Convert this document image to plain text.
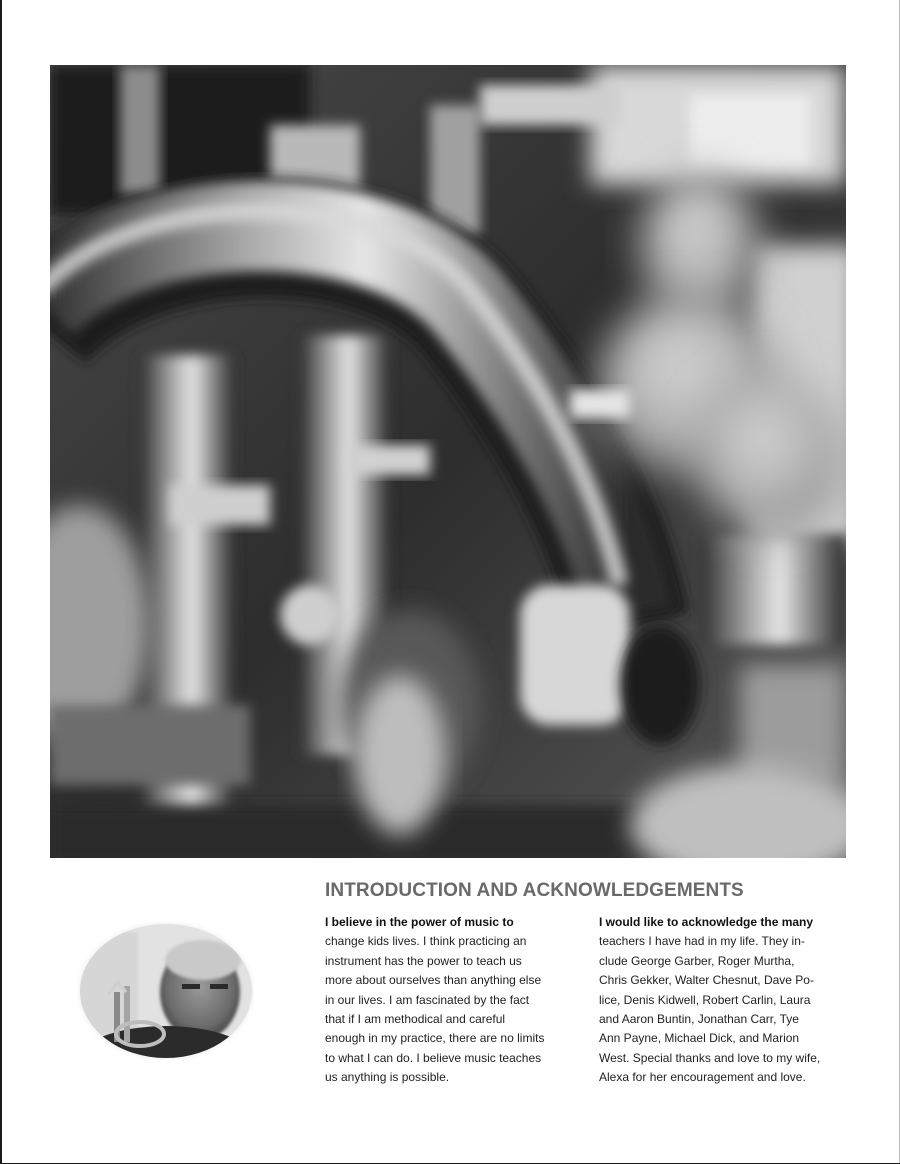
INTRODUCTION AND ACKNOWLEDGEMENTS

I believe in the power of music to
change kids lives. I think practicing an
instrument has the power to teach us
more about ourselves than anything else
in our lives. I am fascinated by the fact
that if I am methodical and careful
enough in my practice, there are no limits
to what I can do. I believe music teaches
us anything is possible.

I would like to acknowledge the many
teachers I have had in my life. They in-
clude George Garber, Roger Murtha,
Chris Gekker, Walter Chesnut, Dave Po-
lice, Denis Kidwell, Robert Carlin, Laura
and Aaron Buntin, Jonathan Carr, Tye
Ann Payne, Michael Dick, and Marion
West. Special thanks and love to my wife,
Alexa for her encouragement and love.
